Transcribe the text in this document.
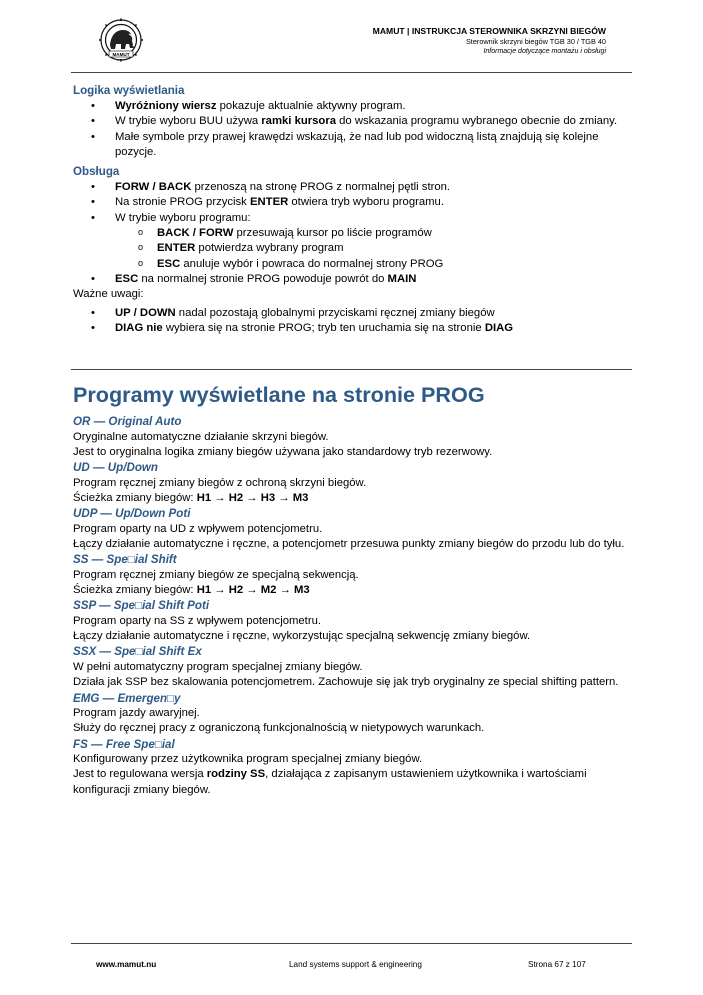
MAMUT
MAMUT | INSTRUKCJA STEROWNIKA SKRZYNI BIEGÓW
Sterownik skrzyni biegów TGB 30 / TGB 40
Informacje dotyczące montażu i obsługi
Logika wyświetlania
• Wyróżniony wiersz pokazuje aktualnie aktywny program.
• W trybie wyboru BUU używa ramki kursora do wskazania programu wybranego obecnie do zmiany.
• Małe symbole przy prawej krawędzi wskazują, że nad lub pod widoczną listą znajdują się kolejne pozycje.
Obsługa
• FORW / BACK przenoszą na stronę PROG z normalnej pętli stron.
• Na stronie PROG przycisk ENTER otwiera tryb wyboru programu.
• W trybie wyboru programu:
o BACK / FORW przesuwają kursor po liście programów
o ENTER potwierdza wybrany program
o ESC anuluje wybór i powraca do normalnej strony PROG
• ESC na normalnej stronie PROG powoduje powrót do MAIN

Ważne uwagi:

• UP / DOWN nadal pozostają globalnymi przyciskami ręcznej zmiany biegów
• DIAG nie wybiera się na stronie PROG; tryb ten uruchamia się na stronie DIAG
Programy wyświetlane na stronie PROG

OR — Original Auto

Oryginalne automatyczne działanie skrzyni biegów.

Jest to oryginalna logika zmiany biegów używana jako standardowy tryb rezerwowy.

UD — Up/Down

Program ręcznej zmiany biegów z ochroną skrzyni biegów.

Ścieżka zmiany biegów: H1 → H2 → H3 → M3

UDP — Up/Down Poti

Program oparty na UD z wpływem potencjometru.

Łączy działanie automatyczne i ręczne, a potencjometr przesuwa punkty zmiany biegów do przodu lub do tyłu.

SS — Spe□ial Shift

Program ręcznej zmiany biegów ze specjalną sekwencją.

Ścieżka zmiany biegów: H1 → H2 → M2 → M3

SSP — Spe□ial Shift Poti

Program oparty na SS z wpływem potencjometru.

Łączy działanie automatyczne i ręczne, wykorzystując specjalną sekwencję zmiany biegów.

SSX — Spe□ial Shift Ex

W pełni automatyczny program specjalnej zmiany biegów.

Działa jak SSP bez skalowania potencjometrem. Zachowuje się jak tryb oryginalny ze special shifting pattern.

EMG — Emergen□y

Program jazdy awaryjnej.

Służy do ręcznej pracy z ograniczoną funkcjonalnością w nietypowych warunkach.

FS — Free Spe□ial

Konfigurowany przez użytkownika program specjalnej zmiany biegów.

Jest to regulowana wersja rodziny SS, działająca z zapisanym ustawieniem użytkownika i wartościami konfiguracji zmiany biegów.

www.mamut.nu	Land systems support & engineering	Strona 67 z 107
